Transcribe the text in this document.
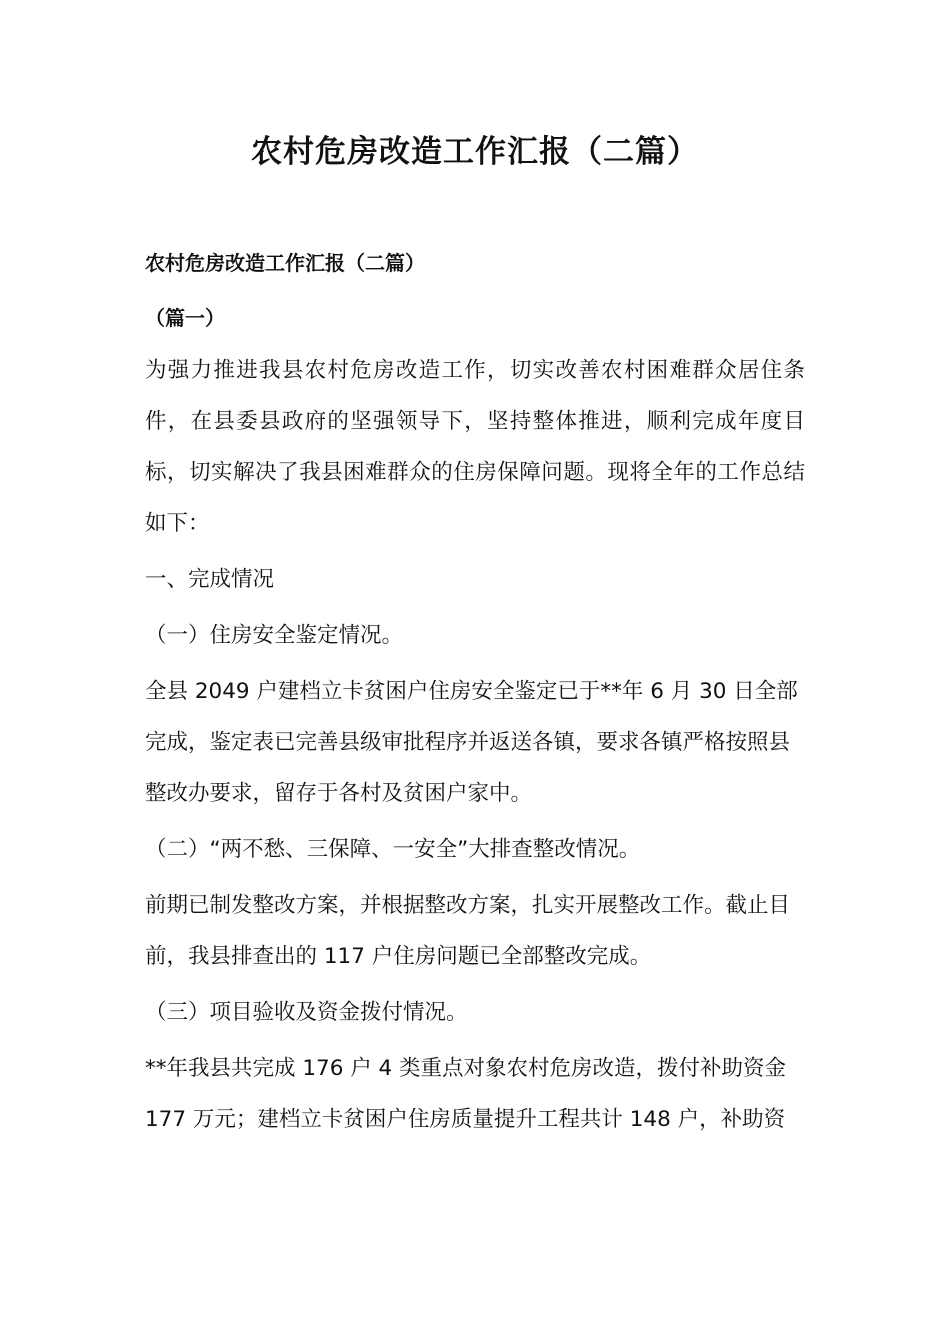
农村危房改造工作汇报（二篇）
农村危房改造工作汇报（二篇）
（篇一）
为强力推进我县农村危房改造工作，切实改善农村困难群众居住条件，在县委县政府的坚强领导下，坚持整体推进，顺利完成年度目标，切实解决了我县困难群众的住房保障问题。现将全年的工作总结如下：
一、完成情况
（一）住房安全鉴定情况。
全县 2049 户建档立卡贫困户住房安全鉴定已于**年 6 月 30 日全部完成，鉴定表已完善县级审批程序并返送各镇，要求各镇严格按照县整改办要求，留存于各村及贫困户家中。
（二）“两不愁、三保障、一安全”大排查整改情况。
前期已制发整改方案，并根据整改方案，扎实开展整改工作。截止目前，我县排查出的 117 户住房问题已全部整改完成。
（三）项目验收及资金拨付情况。
**年我县共完成 176 户 4 类重点对象农村危房改造，拨付补助资金 177 万元；建档立卡贫困户住房质量提升工程共计 148 户，补助资
